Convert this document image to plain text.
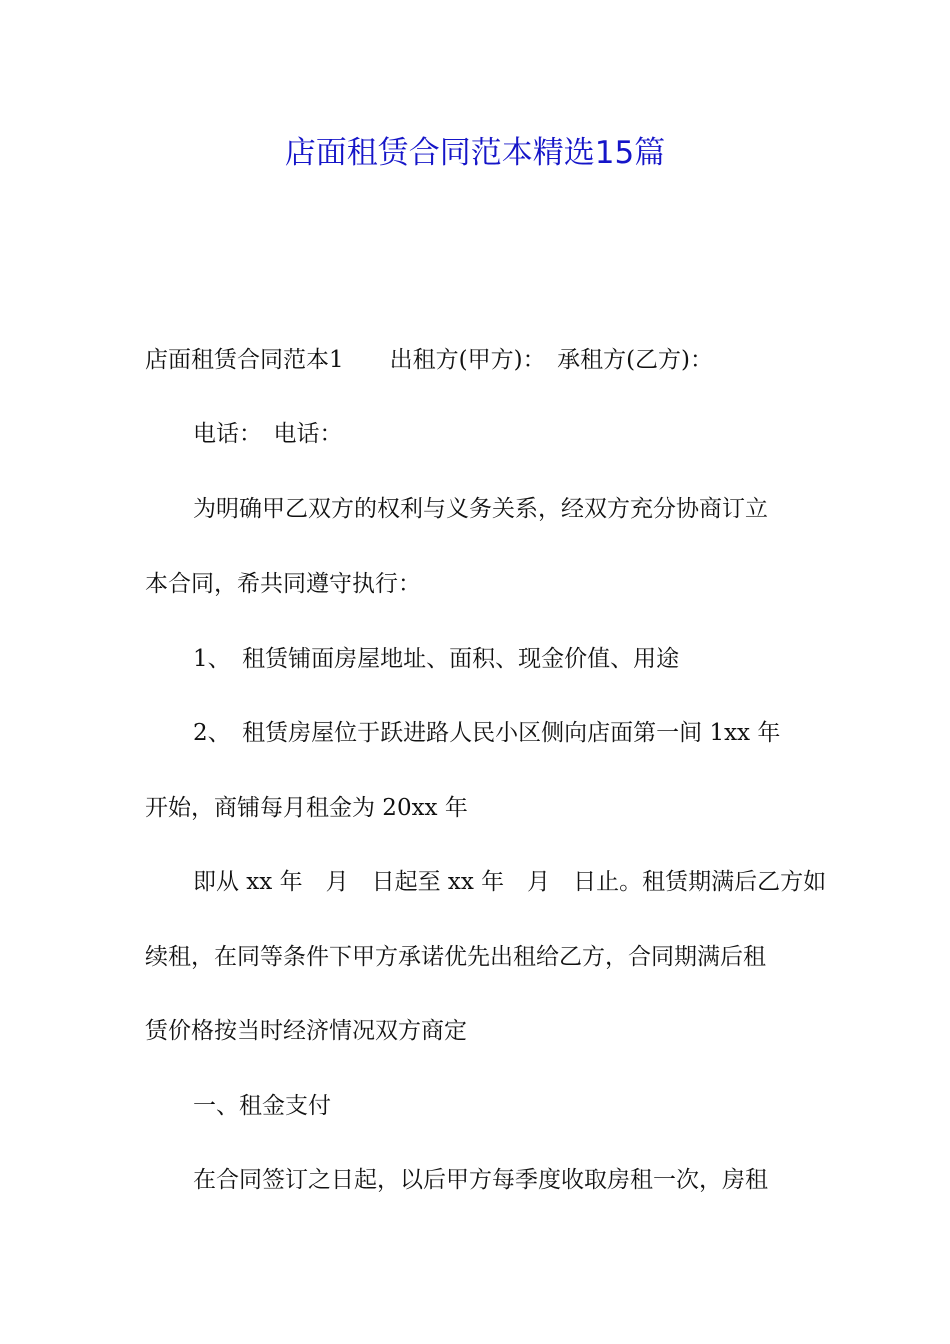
店面租赁合同范本精选15篇
店面租赁合同范本1　　出租方(甲方)：　承租方(乙方)：
电话：　电话：
为明确甲乙双方的权利与义务关系，经双方充分协商订立
本合同，希共同遵守执行：
1、　租赁铺面房屋地址、面积、现金价值、用途
2、　租赁房屋位于跃进路人民小区侧向店面第一间 1xx 年
开始，商铺每月租金为 20xx 年
即从 xx 年　月　日起至 xx 年　月　日止。租赁期满后乙方如
续租，在同等条件下甲方承诺优先出租给乙方，合同期满后租
赁价格按当时经济情况双方商定
一、租金支付
在合同签订之日起，以后甲方每季度收取房租一次，房租
